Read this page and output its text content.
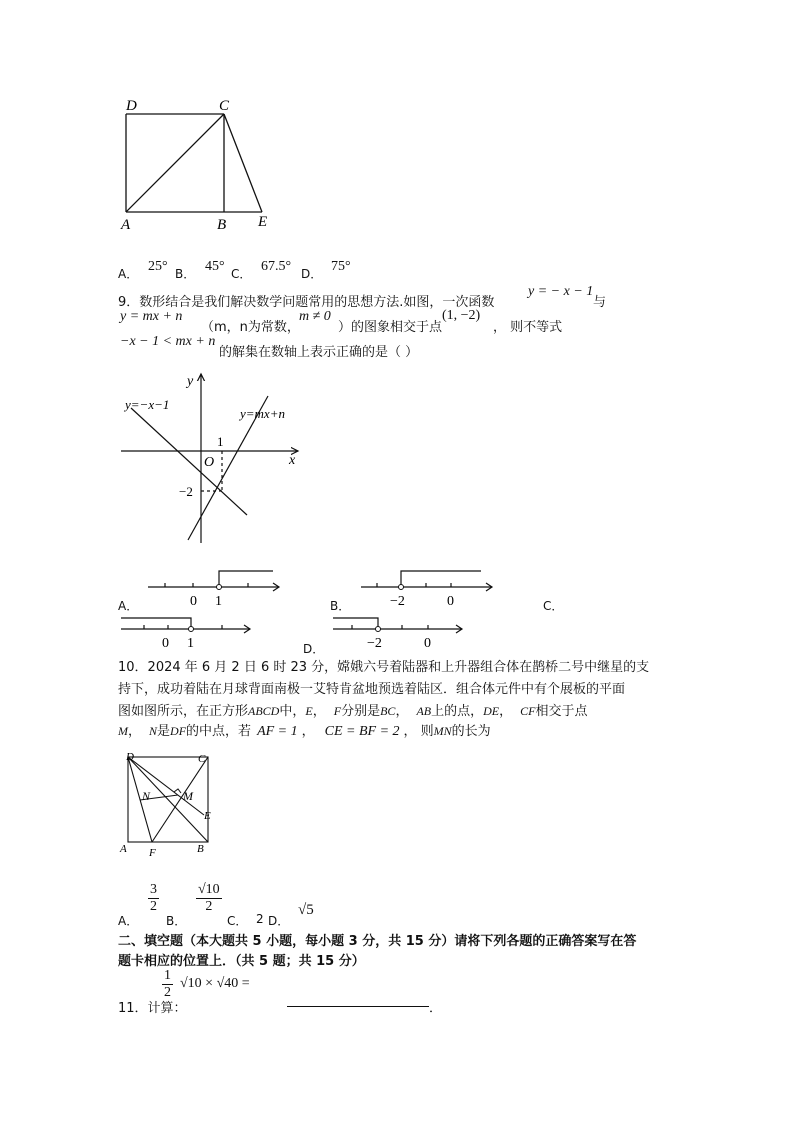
D	C
A	B E
A． 25° B． 45° C． 67.5° D． 75°
9．数形结合是我们解决数学问题常用的思想方法.如图，一次函数
y = − x − 1
与
y = mx + n
（m，n为常数，
m ≠ 0
）的图象相交于点
(1, −2)
， 则不等式
−x − 1 < mx + n
的解集在数轴上表示正确的是（ ）
y
x
O
y=−x−1
y=mx+n
1
−2
A．	0 1	B．	−2	0	C．
0 1	D．	−2	0
10．2024 年 6 月 2 日 6 时 23 分，嫦娥六号着陆器和上升器组合体在鹊桥二号中继星的支
持下，成功着陆在月球背面南极一艾特肯盆地预选着陆区．组合体元件中有个展板的平面
图如图所示，在正方形 ABCD 中， E ， F 分别是 BC ， AB 上的点， DE ， CF 相交于点
M ， N 是 DF 的中点，若 AF = 1 ， CE = BF = 2 ， 则 MN 的长为
D	C
N	M
E
A F	B
A．
$\frac{3}{2}$
B．
$\frac{√10}{2}$
C． 2 D．
√5
二、填空题（本大题共 5 小题，每小题 3 分，共 15 分）请将下列各题的正确答案写在答
题卡相应的位置上．（共 5 题；共 15 分）
11．计算：
$\frac{1}{2} √10 \times √40$ =
．
